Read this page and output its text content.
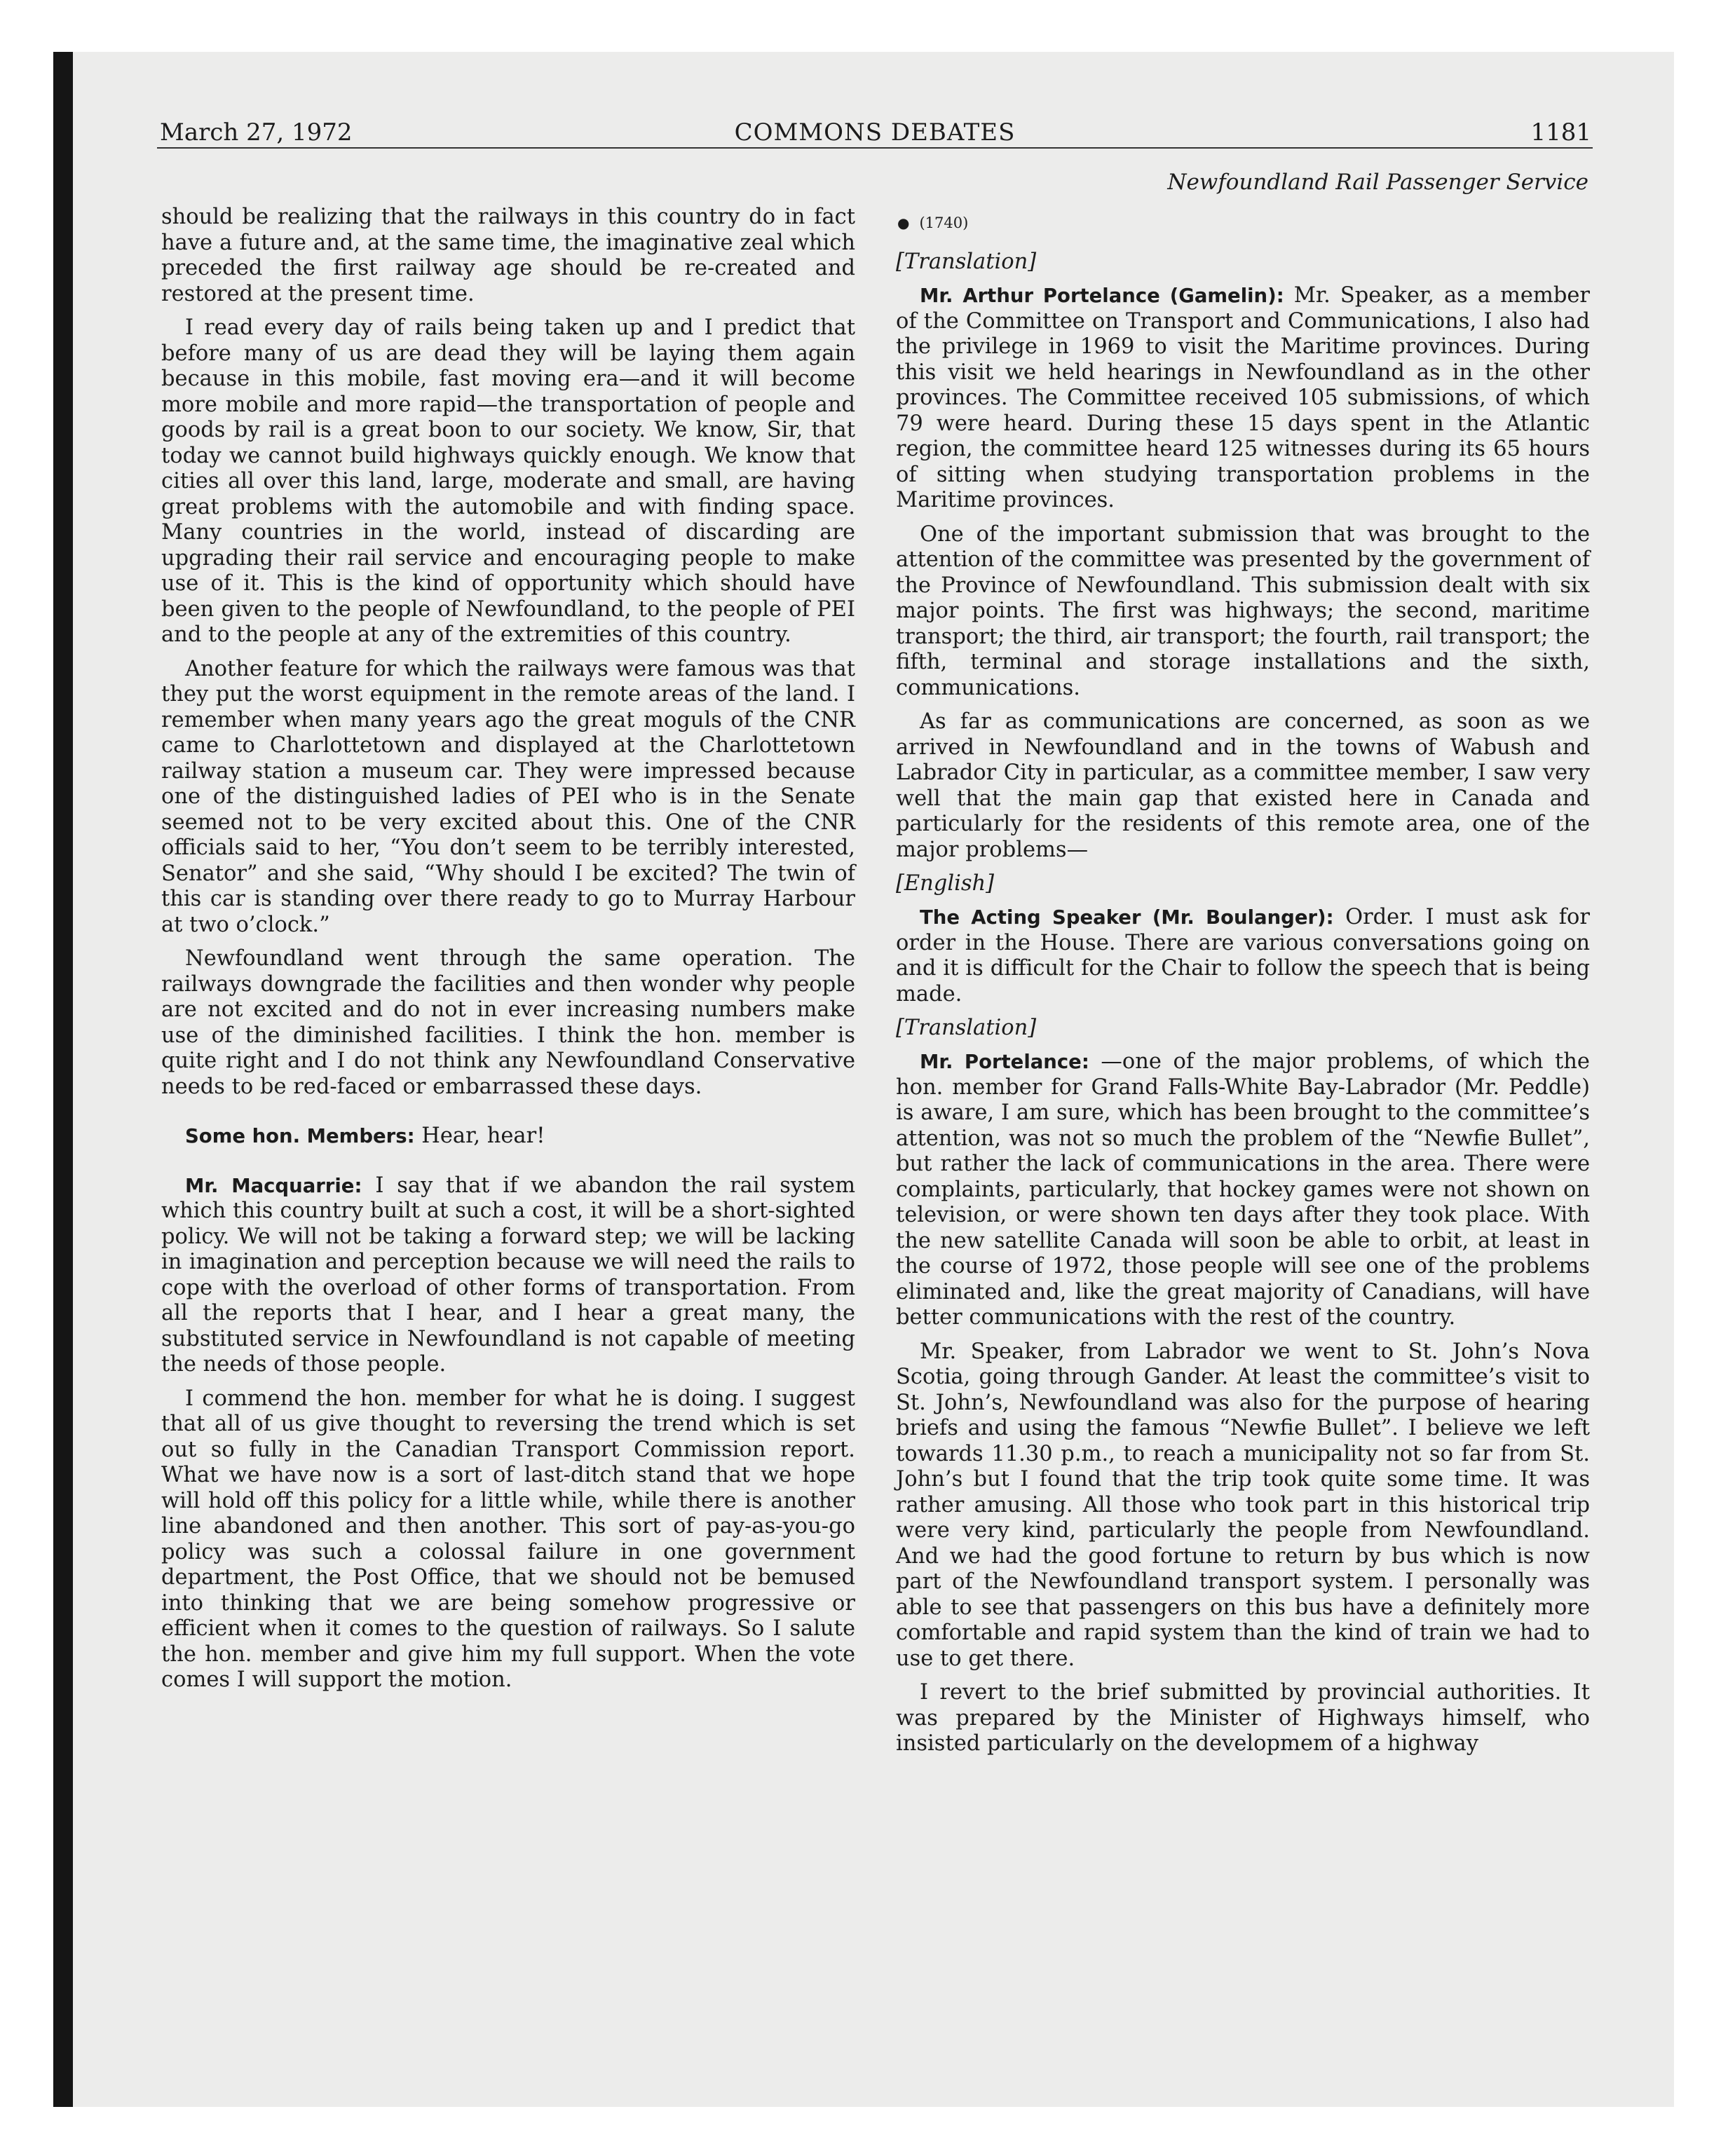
March 27, 1972	COMMONS DEBATES	1181

should be realizing that the railways in this country do in fact have a future and, at the same time, the imaginative zeal which preceded the first railway age should be re-created and restored at the present time.

I read every day of rails being taken up and I predict that before many of us are dead they will be laying them again because in this mobile, fast moving era—and it will become more mobile and more rapid—the transportation of people and goods by rail is a great boon to our society. We know, Sir, that today we cannot build highways quickly enough. We know that cities all over this land, large, moderate and small, are having great problems with the automobile and with finding space. Many countries in the world, instead of discarding are upgrading their rail service and encouraging people to make use of it. This is the kind of opportunity which should have been given to the people of Newfoundland, to the people of PEI and to the people at any of the extremities of this country.

Another feature for which the railways were famous was that they put the worst equipment in the remote areas of the land. I remember when many years ago the great moguls of the CNR came to Charlottetown and displayed at the Charlottetown railway station a museum car. They were impressed because one of the distinguished ladies of PEI who is in the Senate seemed not to be very excited about this. One of the CNR officials said to her, “You don’t seem to be terribly interested, Senator” and she said, “Why should I be excited? The twin of this car is standing over there ready to go to Murray Harbour at two o’clock.”

Newfoundland went through the same operation. The railways downgrade the facilities and then wonder why people are not excited and do not in ever increasing numbers make use of the diminished facilities. I think the hon. member is quite right and I do not think any Newfoundland Conservative needs to be red-faced or embarrassed these days.

Some hon. Members: Hear, hear!

Mr. Macquarrie: I say that if we abandon the rail system which this country built at such a cost, it will be a short-sighted policy. We will not be taking a forward step; we will be lacking in imagination and perception because we will need the rails to cope with the overload of other forms of transportation. From all the reports that I hear, and I hear a great many, the substituted service in Newfoundland is not capable of meeting the needs of those people.

I commend the hon. member for what he is doing. I suggest that all of us give thought to reversing the trend which is set out so fully in the Canadian Transport Commission report. What we have now is a sort of last-ditch stand that we hope will hold off this policy for a little while, while there is another line abandoned and then another. This sort of pay-as-you-go policy was such a colossal failure in one government department, the Post Office, that we should not be bemused into thinking that we are being somehow progressive or efficient when it comes to the question of railways. So I salute the hon. member and give him my full support. When the vote comes I will support the motion.

Newfoundland Rail Passenger Service
● (1740)
[Translation]

Mr. Arthur Portelance (Gamelin): Mr. Speaker, as a member of the Committee on Transport and Communications, I also had the privilege in 1969 to visit the Maritime provinces. During this visit we held hearings in Newfoundland as in the other provinces. The Committee received 105 submissions, of which 79 were heard. During these 15 days spent in the Atlantic region, the committee heard 125 witnesses during its 65 hours of sitting when studying transportation problems in the Maritime provinces.

One of the important submission that was brought to the attention of the committee was presented by the government of the Province of Newfoundland. This submission dealt with six major points. The first was highways; the second, maritime transport; the third, air transport; the fourth, rail transport; the fifth, terminal and storage installations and the sixth, communications.

As far as communications are concerned, as soon as we arrived in Newfoundland and in the towns of Wabush and Labrador City in particular, as a committee member, I saw very well that the main gap that existed here in Canada and particularly for the residents of this remote area, one of the major problems—

[English]

The Acting Speaker (Mr. Boulanger): Order. I must ask for order in the House. There are various conversations going on and it is difficult for the Chair to follow the speech that is being made.

[Translation]

Mr. Portelance: —one of the major problems, of which the hon. member for Grand Falls-White Bay-Labrador (Mr. Peddle) is aware, I am sure, which has been brought to the committee’s attention, was not so much the problem of the “Newfie Bullet”, but rather the lack of communications in the area. There were complaints, particularly, that hockey games were not shown on television, or were shown ten days after they took place. With the new satellite Canada will soon be able to orbit, at least in the course of 1972, those people will see one of the problems eliminated and, like the great majority of Canadians, will have better communications with the rest of the country.

Mr. Speaker, from Labrador we went to St. John’s Nova Scotia, going through Gander. At least the committee’s visit to St. John’s, Newfoundland was also for the purpose of hearing briefs and using the famous “Newfie Bullet”. I believe we left towards 11.30 p.m., to reach a municipality not so far from St. John’s but I found that the trip took quite some time. It was rather amusing. All those who took part in this historical trip were very kind, particularly the people from Newfoundland. And we had the good fortune to return by bus which is now part of the Newfoundland transport system. I personally was able to see that passengers on this bus have a definitely more comfortable and rapid system than the kind of train we had to use to get there.

I revert to the brief submitted by provincial authorities. It was prepared by the Minister of Highways himself, who insisted particularly on the developmem of a highway
